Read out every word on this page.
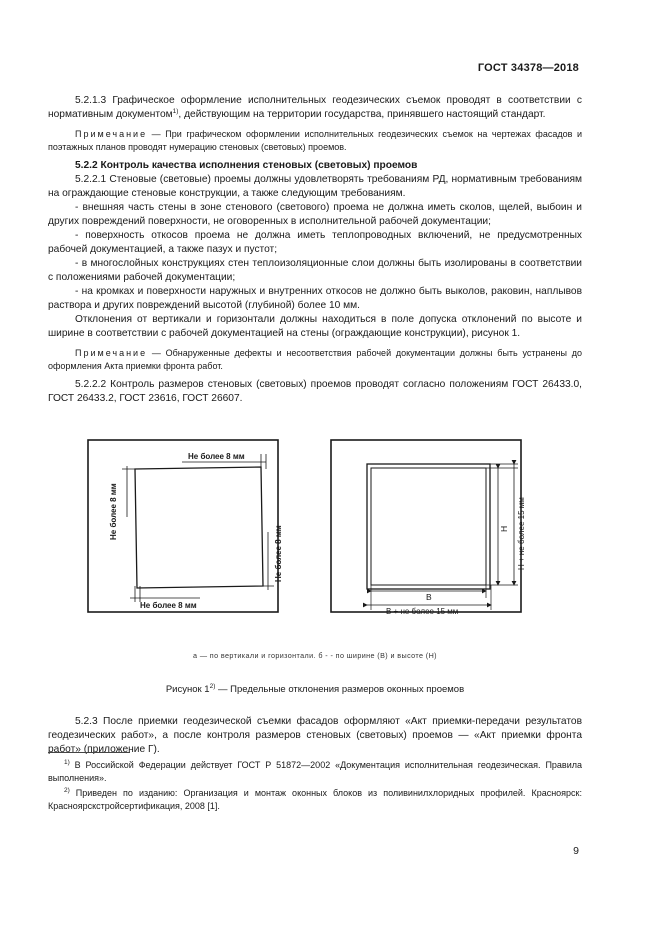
ГОСТ 34378—2018

5.2.1.3 Графическое оформление исполнительных геодезических съемок проводят в соответствии с нормативным документом$^{1)}$, действующим на территории государства, принявшего настоящий стандарт.

Примечание — При графическом оформлении исполнительных геодезических съемок на чертежах фасадов и поэтажных планов проводят нумерацию стеновых (световых) проемов.

5.2.2 Контроль качества исполнения стеновых (световых) проемов

5.2.2.1 Стеновые (световые) проемы должны удовлетворять требованиям РД, нормативным требованиям на ограждающие стеновые конструкции, а также следующим требованиям.

- внешняя часть стены в зоне стенового (светового) проема не должна иметь сколов, щелей, выбоин и других повреждений поверхности, не оговоренных в исполнительной рабочей документации;

- поверхность откосов проема не должна иметь теплопроводных включений, не предусмотренных рабочей документацией, а также пазух и пустот;

- в многослойных конструкциях стен теплоизоляционные слои должны быть изолированы в соответствии с положениями рабочей документации;

- на кромках и поверхности наружных и внутренних откосов не должно быть выколов, раковин, наплывов раствора и других повреждений высотой (глубиной) более 10 мм.

Отклонения от вертикали и горизонтали должны находиться в поле допуска отклонений по высоте и ширине в соответствии с рабочей документацией на стены (ограждающие конструкции), рисунок 1.

Примечание — Обнаруженные дефекты и несоответствия рабочей документации должны быть устранены до оформления Акта приемки фронта работ.

5.2.2.2 Контроль размеров стеновых (световых) проемов проводят согласно положениям ГОСТ 26433.0, ГОСТ 26433.2, ГОСТ 23616, ГОСТ 26607.

Не более 8 мм
Не более 8 мм
Не более 8 мм
Не более 8 мм
В
В + не более 15 мм
Н Н + не более 15 мм

а — по вертикали и горизонтали. б - - по ширине (В) и высоте (Н)

Рисунок 1$^{2)}$ — Предельные отклонения размеров оконных проемов

5.2.3 После приемки геодезической съемки фасадов оформляют «Акт приемки-передачи результатов геодезических работ», а после контроля размеров стеновых (световых) проемов — «Акт приемки фронта работ» (приложение Г).

$^{1)}$ В Российской Федерации действует ГОСТ Р 51872—2002 «Документация исполнительная геодезическая. Правила выполнения».

$^{2)}$ Приведен по изданию: Организация и монтаж оконных блоков из поливинилхлоридных профилей. Красноярск: Красноярскстройсертификация, 2008 [1].

9
